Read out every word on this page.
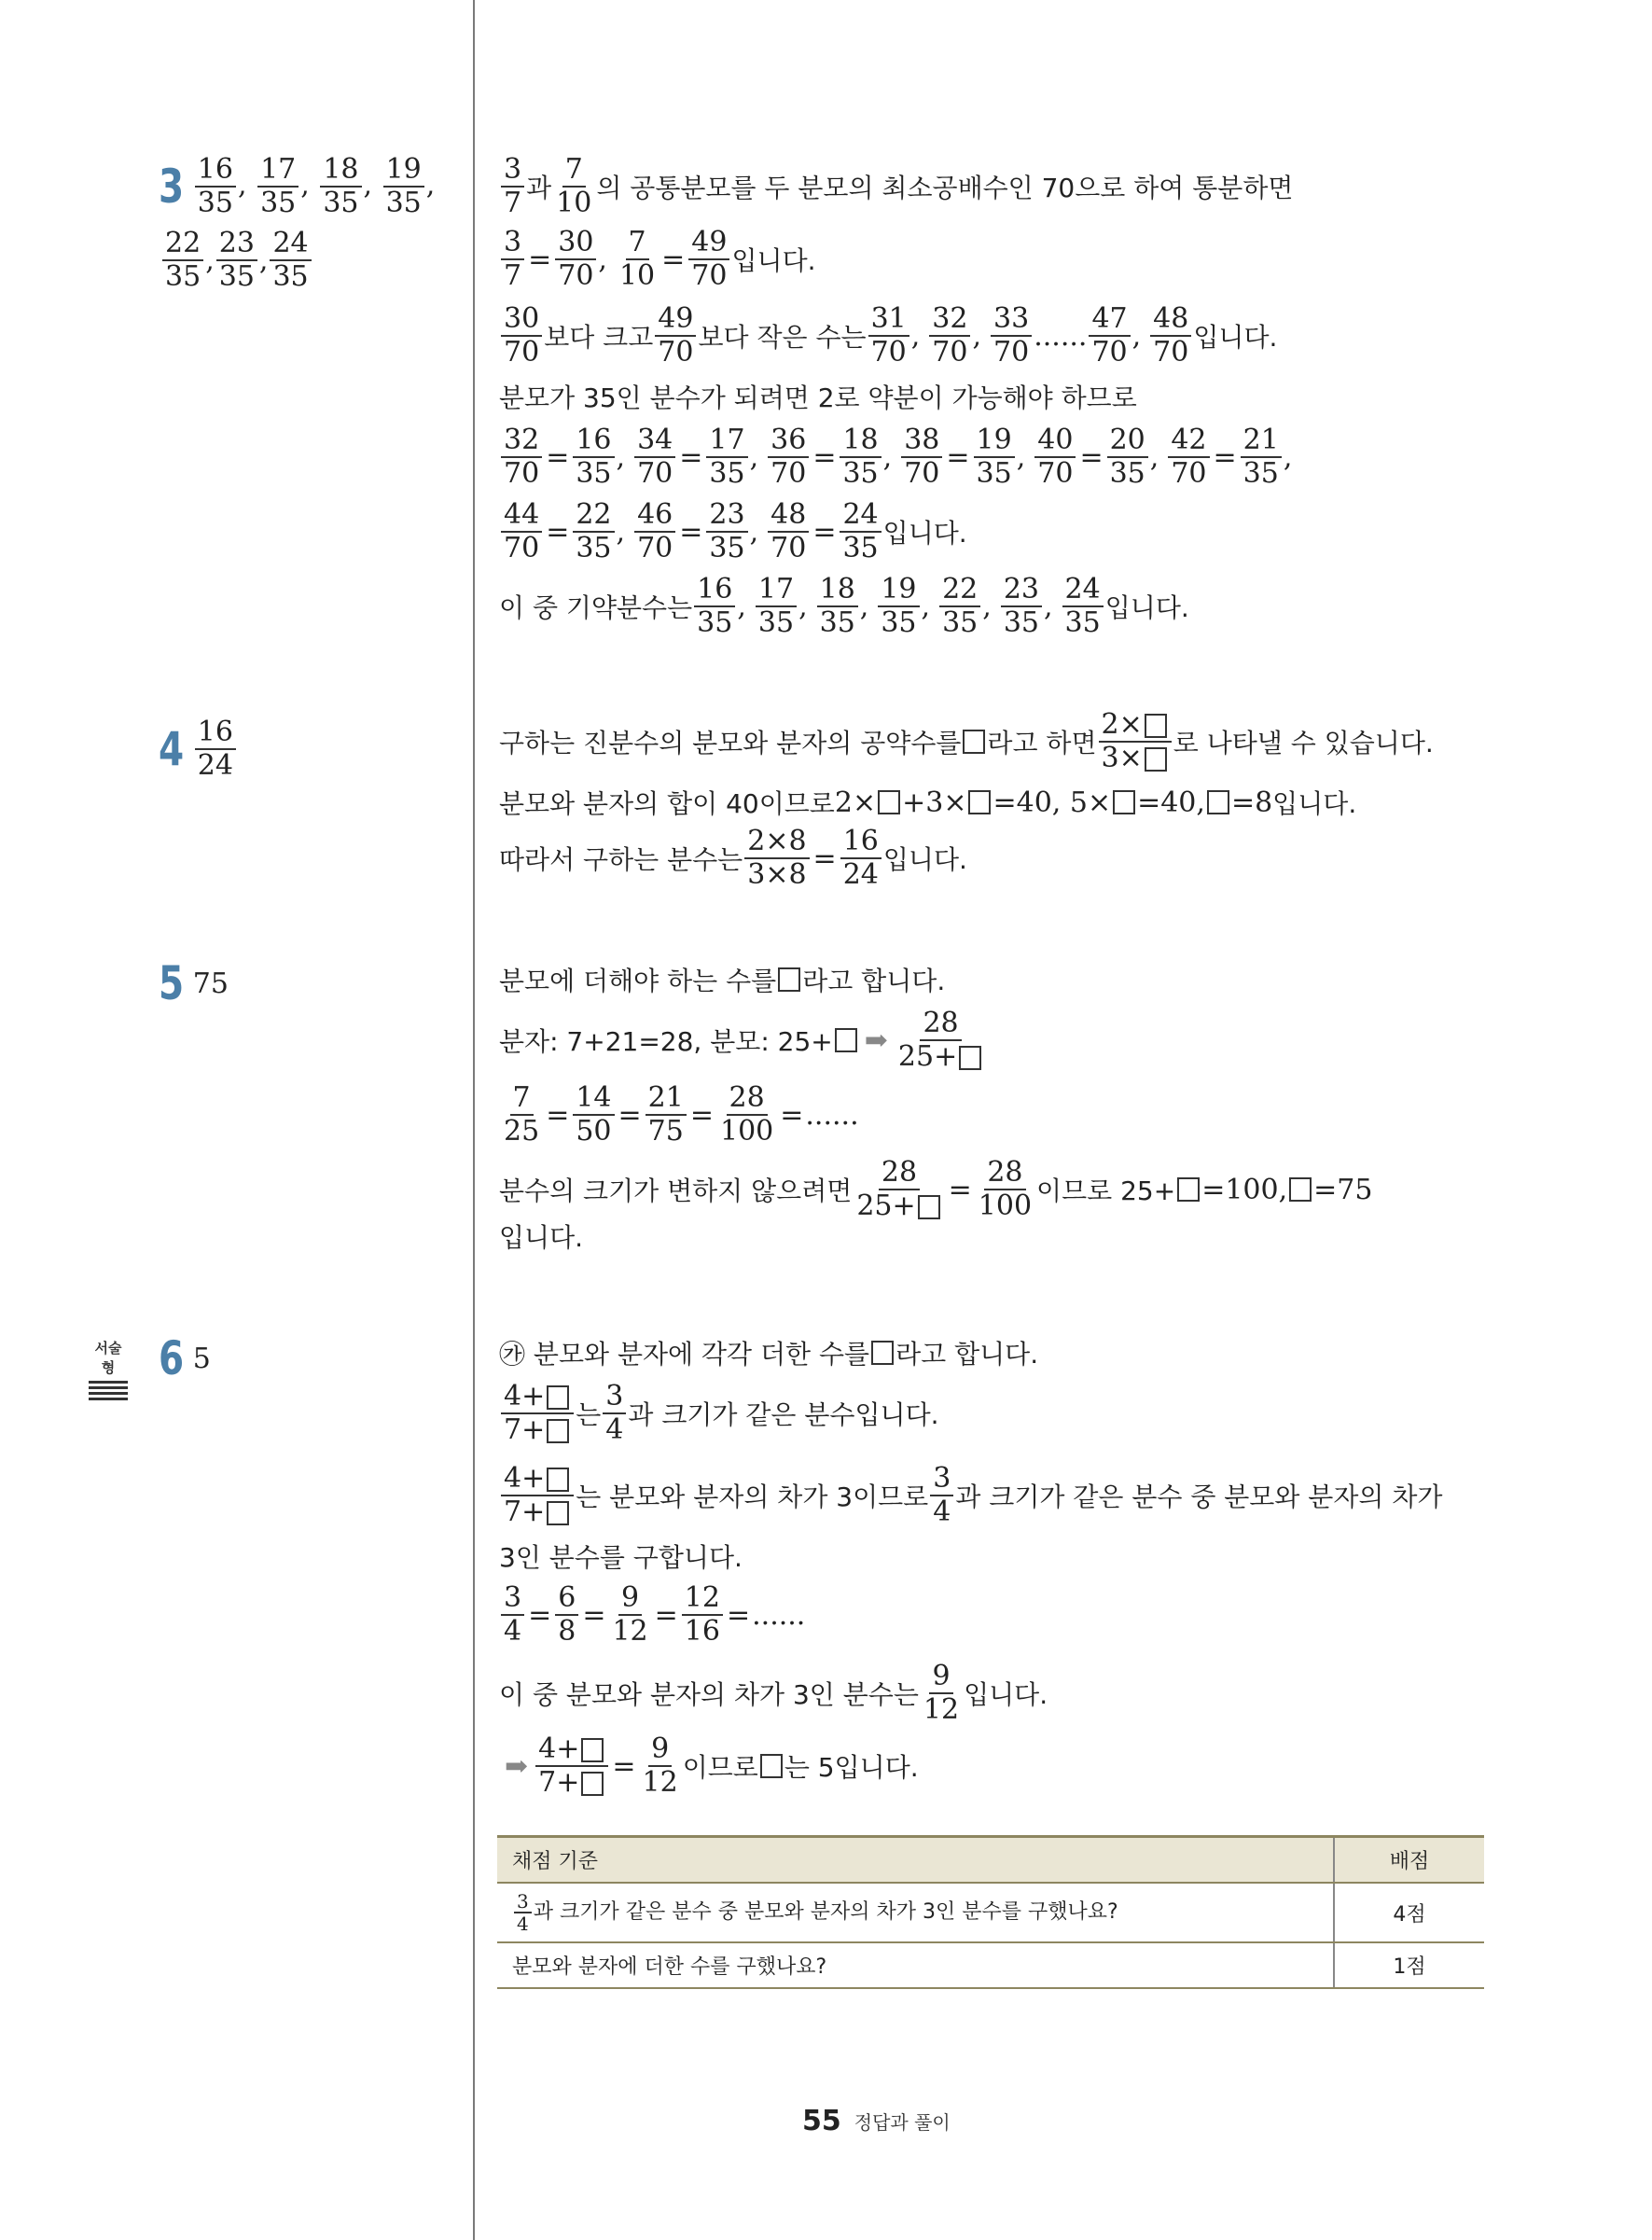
$3 \frac{16}{35}$ , $\frac{17}{35}$ , $\frac{18}{35}$ , $\frac{19}{35}$ ,
$\frac{22}{35}$ , $\frac{23}{35}$ , $\frac{24}{35}$
$\frac{3}{7}$ 과 $\frac{7}{10}$ 의 공통분모를 두 분모의 최소공배수인 70으로 하여 통분하면
$\frac{3}{7} = \frac{30}{70}$ , $\frac{7}{10} = \frac{49}{70}$ 입니다.
$\frac{30}{70}$ 보다 크고 $\frac{49}{70}$ 보다 작은 수는 $\frac{31}{70}$ , $\frac{32}{70}$ , $\frac{33}{70}$ ...... $\frac{47}{70}$ , $\frac{48}{70}$ 입니다.
분모가 35인 분수가 되려면 2로 약분이 가능해야 하므로
$\frac{32}{70} = \frac{16}{35}$ , $\frac{34}{70} = \frac{17}{35}$ , $\frac{36}{70} = \frac{18}{35}$ , $\frac{38}{70} = \frac{19}{35}$ , $\frac{40}{70} = \frac{20}{35}$ , $\frac{42}{70} = \frac{21}{35}$ ,
$\frac{44}{70} = \frac{22}{35}$ , $\frac{46}{70} = \frac{23}{35}$ , $\frac{48}{70} = \frac{24}{35}$ 입니다.
이 중 기약분수는 $\frac{16}{35}$ , $\frac{17}{35}$ , $\frac{18}{35}$ , $\frac{19}{35}$ , $\frac{22}{35}$ , $\frac{23}{35}$ , $\frac{24}{35}$ 입니다.
$4 \frac{16}{24}$	구하는 진분수의 분모와 분자의 공약수를 라고 하면 $\frac{2\times}{3\times}$ 로 나타낼 수 있습니다.
분모와 분자의 합이 40이므로 2× +3× =40, 5× =40, =8 입니다.
따라서 구하는 분수는 $\frac{2\times 8}{3\times 8} = \frac{16}{24}$ 입니다.
5 75	분모에 더해야 하는 수를 라고 합니다.
분자: 7+21=28, 분모: 25+ ➡ $\frac{28}{25+}$
$\frac{7}{25} = \frac{14}{50} = \frac{21}{75} = \frac{28}{100}$ = ......
분수의 크기가 변하지 않으려면 $\frac{28}{25+} = \frac{28}{100}$ 이므로 25+ =100, =75
입니다.
서술형 6 5	㉮ 분모와 분자에 각각 더한 수를 라고 합니다.
$\frac{4+}{7+}$ 는 $\frac{3}{4}$ 과 크기가 같은 분수입니다.
$\frac{4+}{7+}$ 는 분모와 분자의 차가 3이므로 $\frac{3}{4}$ 과 크기가 같은 분수 중 분모와 분자의 차가
3인 분수를 구합니다.
$\frac{3}{4} = \frac{6}{8} = \frac{9}{12} = \frac{12}{16}$ = ......
이 중 분모와 분자의 차가 3인 분수는 $\frac{9}{12}$ 입니다.
➡ $\frac{4+}{7+} = \frac{9}{12}$ 이므로 는 5입니다.
채점 기준	배점

$\frac{3}{4}$ 과 크기가 같은 분수 중 분모와 분자의 차가 3인 분수를 구했나요?	4점
분모와 분자에 더한 수를 구했나요?	1점
55 정답과 풀이
